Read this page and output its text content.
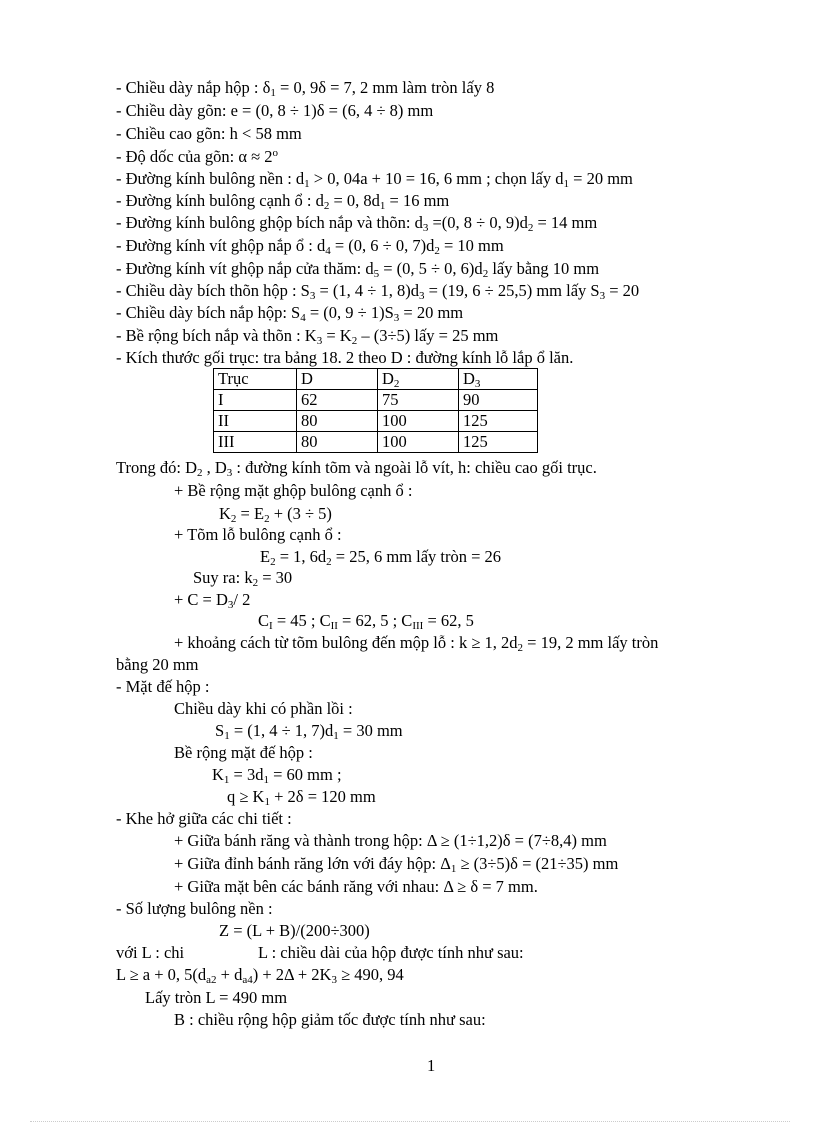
- Chiều dày nắp hộp : $\delta_1 = 0$, 9δ = 7, 2 mm làm tròn lấy 8
- Chiều dày gõn: e = (0, 8 ÷ 1)δ = (6, 4 ÷ 8) mm
- Chiều cao gõn: h < 58 mm
- Độ dốc của gõn: $\alpha \approx 2^o$
- Đường kính bulông nền : $d_1 > 0$, 04a + 10 = 16, 6 mm ; chọn lấy $d_1 = 20$ mm
- Đường kính bulông cạnh ổ : $d_2 = 0$, $8d_1 = 16$ mm
- Đường kính bulông ghộp bích nắp và thõn: $d_3 =(0$, 8 ÷ 0, $9)d_2 = 14$ mm
- Đường kính vít ghộp nắp ổ : $d_4 = (0$, 6 ÷ 0, $7)d_2 = 10$ mm
- Đường kính vít ghộp nắp cửa thăm: $d_5 = (0$, 5 ÷ 0, $6)d_2$ lấy bằng 10 mm
- Chiều dày bích thõn hộp : $S_3 = (1$, 4 ÷ 1, $8)d_3 = (19$, 6 ÷ 25,5) mm lấy $S_3 = 20$
- Chiều dày bích nắp hộp: $S_4 = (0$, $9 \div 1)S_3 = 20$ mm
- Bề rộng bích nắp và thõn : $K_3 = K_2 - (3\div 5)$ lấy = 25 mm
- Kích thước gối trục: tra bảng 18. 2 theo D : đường kính lỗ lắp ổ lăn.
Trục	D	$D_2$	$D_3$
I	62	75	90
II	80	100	125
III	80	100	125
Trong đó: $D_2$ , $D_3$ : đường kính tõm và ngoài lỗ vít, h: chiều cao gối trục.
+ Bề rộng mặt ghộp bulông cạnh ổ :
$K_2 = E_2 + (3 \div 5)$
+ Tõm lỗ bulông cạnh ổ :
$E_2 = 1$, $6d_2 = 25$, 6 mm lấy tròn = 26
Suy ra: $k_2 = 30$
+ $C = D_3/$ 2
$C_I = 45$ ; $C_{II} = 62$, 5 ; $C_{III} = 62$, 5
+ khoảng cách từ tõm bulông đến mộp lỗ : k ≥ 1, $2d_2 = 19$, 2 mm lấy tròn
bằng 20 mm
- Mặt đế hộp :
Chiều dày khi có phần lồi :
$S_1 = (1$, 4 ÷ 1, $7)d_1 = 30$ mm
Bề rộng mặt đế hộp :
$K_1 = 3d_1 = 60$ mm ;
$q \ge K_1 + 2\delta = 120$ mm
- Khe hở giữa các chi tiết :
+ Giữa bánh răng và thành trong hộp: Δ ≥ (1÷1,2)δ = (7÷8,4) mm
+ Giữa đỉnh bánh răng lớn với đáy hộp: $\Delta_1 \ge (3\div 5)\delta = (21\div 35)$ mm
+ Giữa mặt bên các bánh răng với nhau: Δ ≥ δ = 7 mm.
- Số lượng bulông nền :
Z = (L + B)/(200÷300)
với L : chi	L : chiều dài của hộp được tính như sau:
L ≥ a + 0, $5(d_{a2} + d_{a4}) + 2\Delta + 2K_3 \ge 490$, 94
Lấy tròn L = 490 mm
B : chiều rộng hộp giảm tốc được tính như sau:
1
